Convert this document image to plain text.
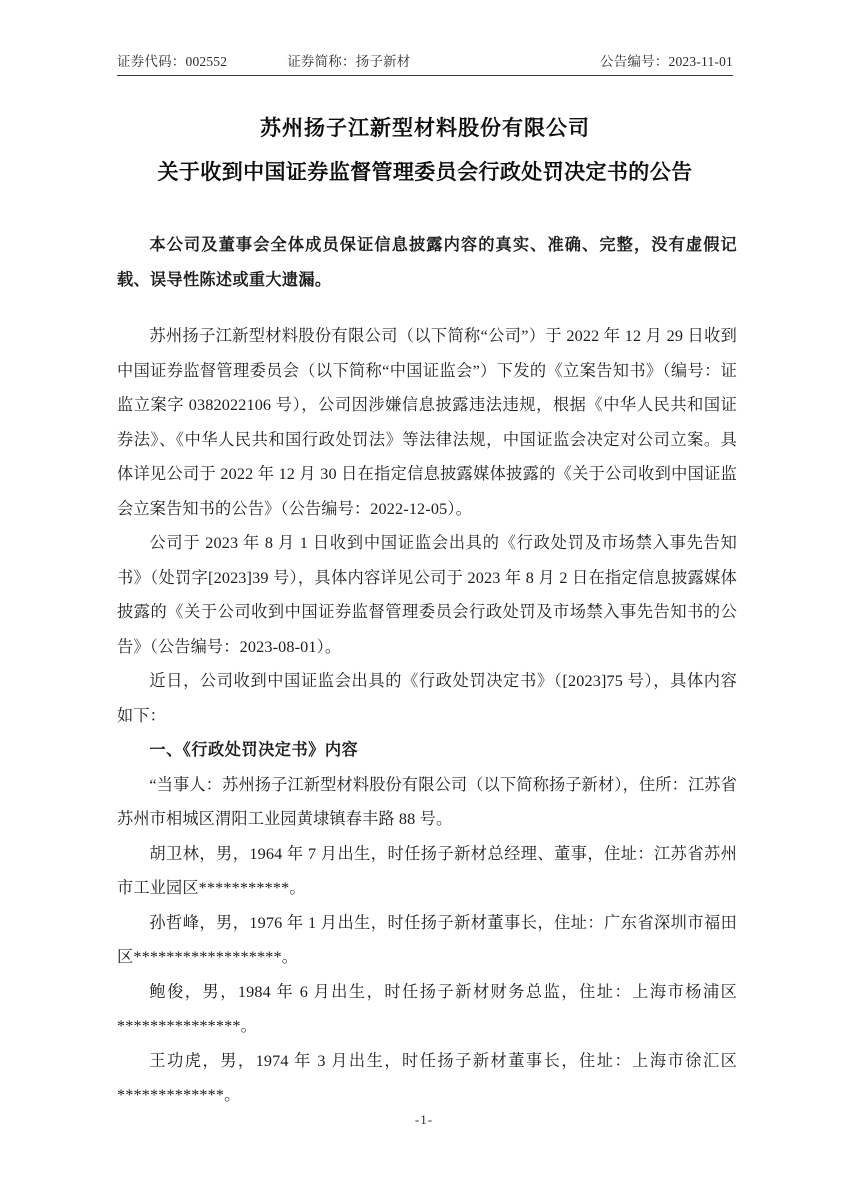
证券代码：002552	证券简称：扬子新材	公告编号：2023-11-01
苏州扬子江新型材料股份有限公司
关于收到中国证券监督管理委员会行政处罚决定书的公告

本公司及董事会全体成员保证信息披露内容的真实、准确、完整，没有虚假记载、误导性陈述或重大遗漏。

苏州扬子江新型材料股份有限公司（以下简称“公司”）于 2022 年 12 月 29 日收到中国证券监督管理委员会（以下简称“中国证监会”）下发的《立案告知书》（编号：证监立案字 0382022106 号），公司因涉嫌信息披露违法违规，根据《中华人民共和国证券法》、《中华人民共和国行政处罚法》等法律法规，中国证监会决定对公司立案。具体详见公司于 2022 年 12 月 30 日在指定信息披露媒体披露的《关于公司收到中国证监会立案告知书的公告》（公告编号：2022-12-05）。

公司于 2023 年 8 月 1 日收到中国证监会出具的《行政处罚及市场禁入事先告知书》（处罚字[2023]39 号），具体内容详见公司于 2023 年 8 月 2 日在指定信息披露媒体披露的《关于公司收到中国证券监督管理委员会行政处罚及市场禁入事先告知书的公告》（公告编号：2023-08-01）。

近日，公司收到中国证监会出具的《行政处罚决定书》（[2023]75 号），具体内容如下：

一、《行政处罚决定书》内容

“当事人：苏州扬子江新型材料股份有限公司（以下简称扬子新材），住所：江苏省苏州市相城区渭阳工业园黄埭镇春丰路 88 号。

胡卫林，男，1964 年 7 月出生，时任扬子新材总经理、董事，住址：江苏省苏州市工业园区***********。

孙哲峰，男，1976 年 1 月出生，时任扬子新材董事长，住址：广东省深圳市福田区******************。

鲍俊，男，1984 年 6 月出生，时任扬子新材财务总监，住址：上海市杨浦区***************。

王功虎，男，1974 年 3 月出生，时任扬子新材董事长，住址：上海市徐汇区*************。

-1-
